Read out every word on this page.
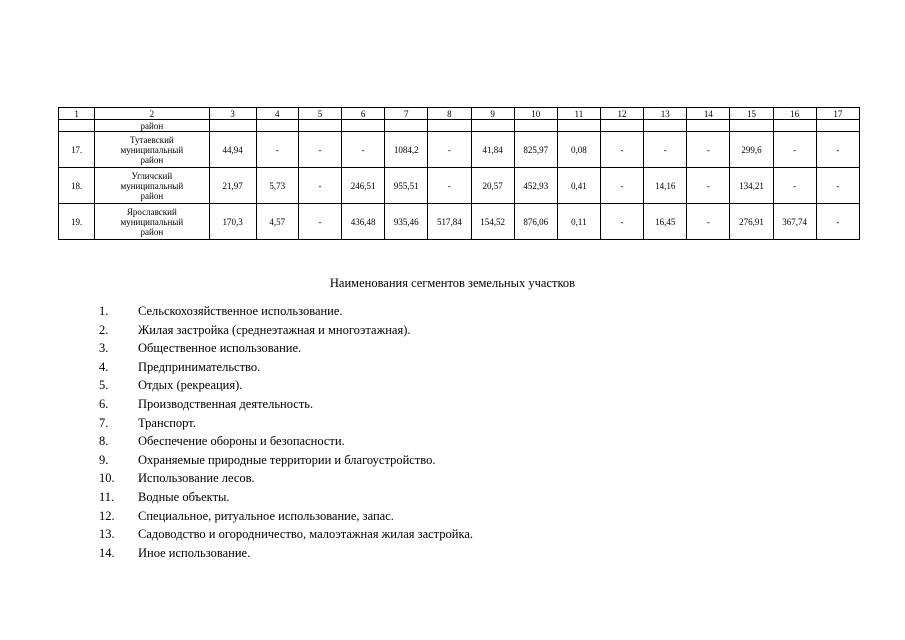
1	2	3	4	5	6	7	8	9	10	11	12	13	14	15	16	17
	район															
17.	Тутаевский
муниципальный
район	44,94	-	-	-	1084,2	-	41,84	825,97	0,08	-	-	-	299,6	-	-
18.	Угличский
муниципальный
район	21,97	5,73	-	246,51	955,51	-	20,57	452,93	0,41	-	14,16	-	134,21	-	-
19.	Ярославский
муниципальный
район	170,3	4,57	-	436,48	935,46	517,84	154,52	876,06	0,11	-	16,45	-	276,91	367,74	-
Наименования сегментов земельных участков
1. Сельскохозяйственное использование.
2. Жилая застройка (среднеэтажная и многоэтажная).
3. Общественное использование.
4. Предпринимательство.
5. Отдых (рекреация).
6. Производственная деятельность.
7. Транспорт.
8. Обеспечение обороны и безопасности.
9. Охраняемые природные территории и благоустройство.
10. Использование лесов.
11. Водные объекты.
12. Специальное, ритуальное использование, запас.
13. Садоводство и огородничество, малоэтажная жилая застройка.
14. Иное использование.
